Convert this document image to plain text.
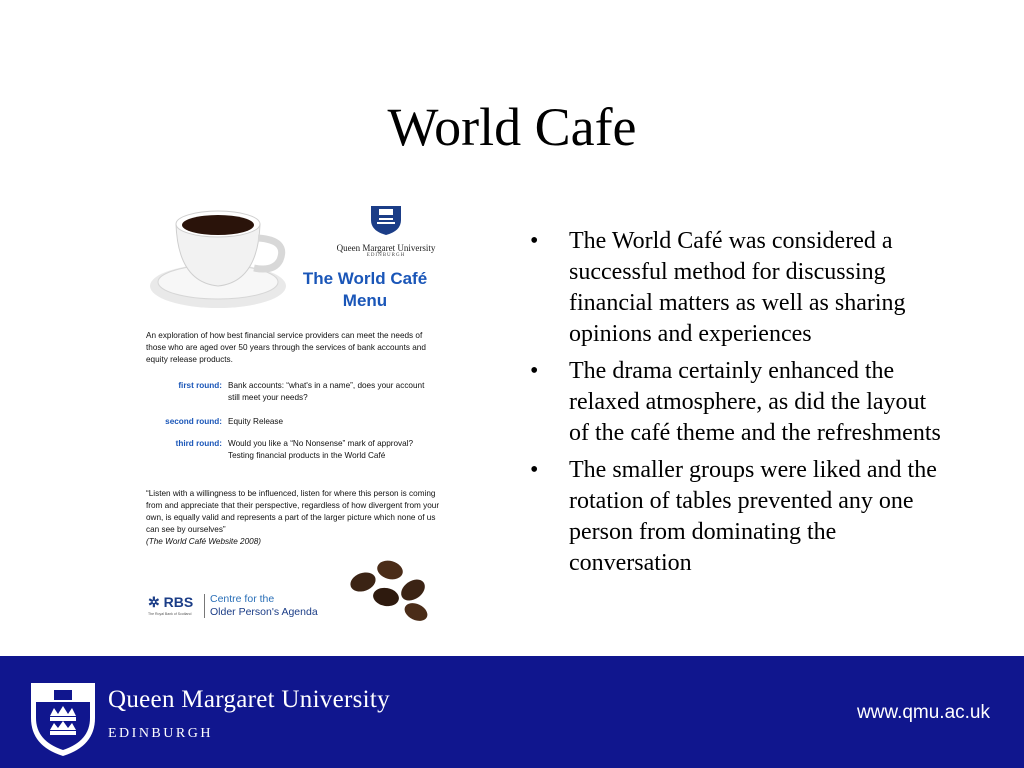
World Cafe
Queen Margaret University
EDINBURGH
The World Café
Menu
An exploration of how best financial service providers can meet the needs of those who are aged over 50 years through the services of bank accounts and equity release products.
first round: Bank accounts: “what's in a name”, does your account still meet your needs?
second round: Equity Release
third round: Would you like a “No Nonsense” mark of approval? Testing financial products in the World Café
“Listen with a willingness to be influenced, listen for where this person is coming from and appreciate that their perspective, regardless of how divergent from your own, is equally valid and represents a part of the larger picture which none of us can see by ourselves”
(The World Café Website 2008)
✲ RBS
The Royal Bank of Scotland
Centre for the
Older Person's Agenda
• The World Café was considered a successful method for discussing financial matters as well as sharing opinions and experiences
• The drama certainly enhanced the relaxed atmosphere, as did the layout of the café theme and the refreshments
• The smaller groups were liked and the rotation of tables prevented any one person from dominating the conversation
Queen Margaret University
EDINBURGH
www.qmu.ac.uk
